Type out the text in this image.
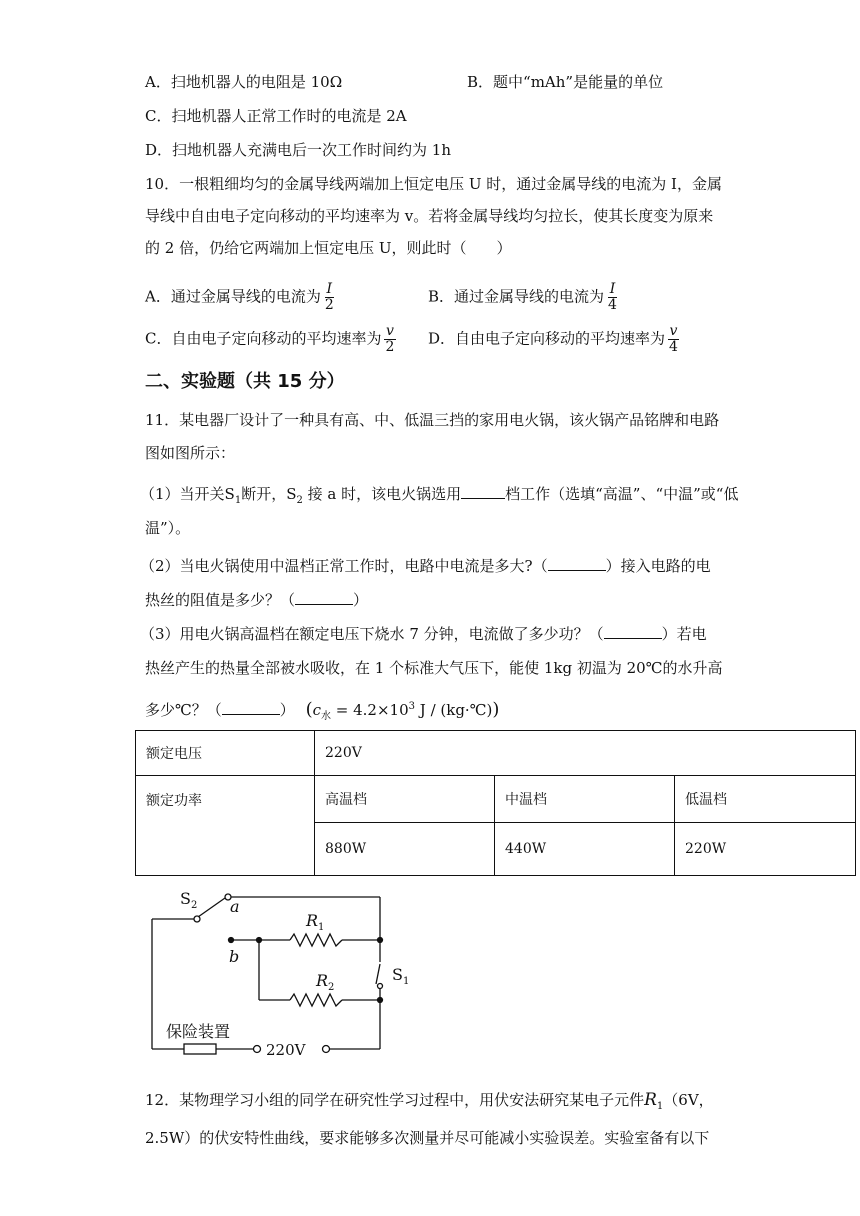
A．扫地机器人的电阻是 10Ω	B．题中“mAh”是能量的单位
C．扫地机器人正常工作时的电流是 2A
D．扫地机器人充满电后一次工作时间约为 1h
10．一根粗细均匀的金属导线两端加上恒定电压 U 时，通过金属导线的电流为 I，金属
导线中自由电子定向移动的平均速率为 v。若将金属导线均匀拉长，使其长度变为原来
的 2 倍，仍给它两端加上恒定电压 U，则此时（　　）
A．通过金属导线的电流为 $\frac{I}{2}$	B．通过金属导线的电流为 $\frac{I}{4}$
C．自由电子定向移动的平均速率为 $\frac{v}{2}$ D．自由电子定向移动的平均速率为 $\frac{v}{4}$
二、实验题（共 15 分）
11．某电器厂设计了一种具有高、中、低温三挡的家用电火锅，该火锅产品铭牌和电路
图如图所示：
（1）当开关$S_1$断开，$S_2$ 接 a 时，该电火锅选用	档工作（选填“高温”、“中温”或“低
温”）。
（2）当电火锅使用中温档正常工作时，电路中电流是多大?（	）接入电路的电
热丝的阻值是多少？（	）
（3）用电火锅高温档在额定电压下烧水 7 分钟，电流做了多少功？（	）若电
热丝产生的热量全部被水吸收，在 1 个标准大气压下，能使 1kg 初温为 20℃的水升高
多少℃？（	） ($c_水 = 4.2\times 10^3$ J / (kg·℃))
额定电压	220V		
额定功率	高温档	中温档	低温档
	880W	440W	220W
$S_2$ a
b
$R_1$
$R_2$
$S_1$
保险装置
220V
12．某物理学习小组的同学在研究性学习过程中，用伏安法研究某电子元件$R_1(6V$，
2.5W）的伏安特性曲线，要求能够多次测量并尽可能减小实验误差。实验室备有以下
